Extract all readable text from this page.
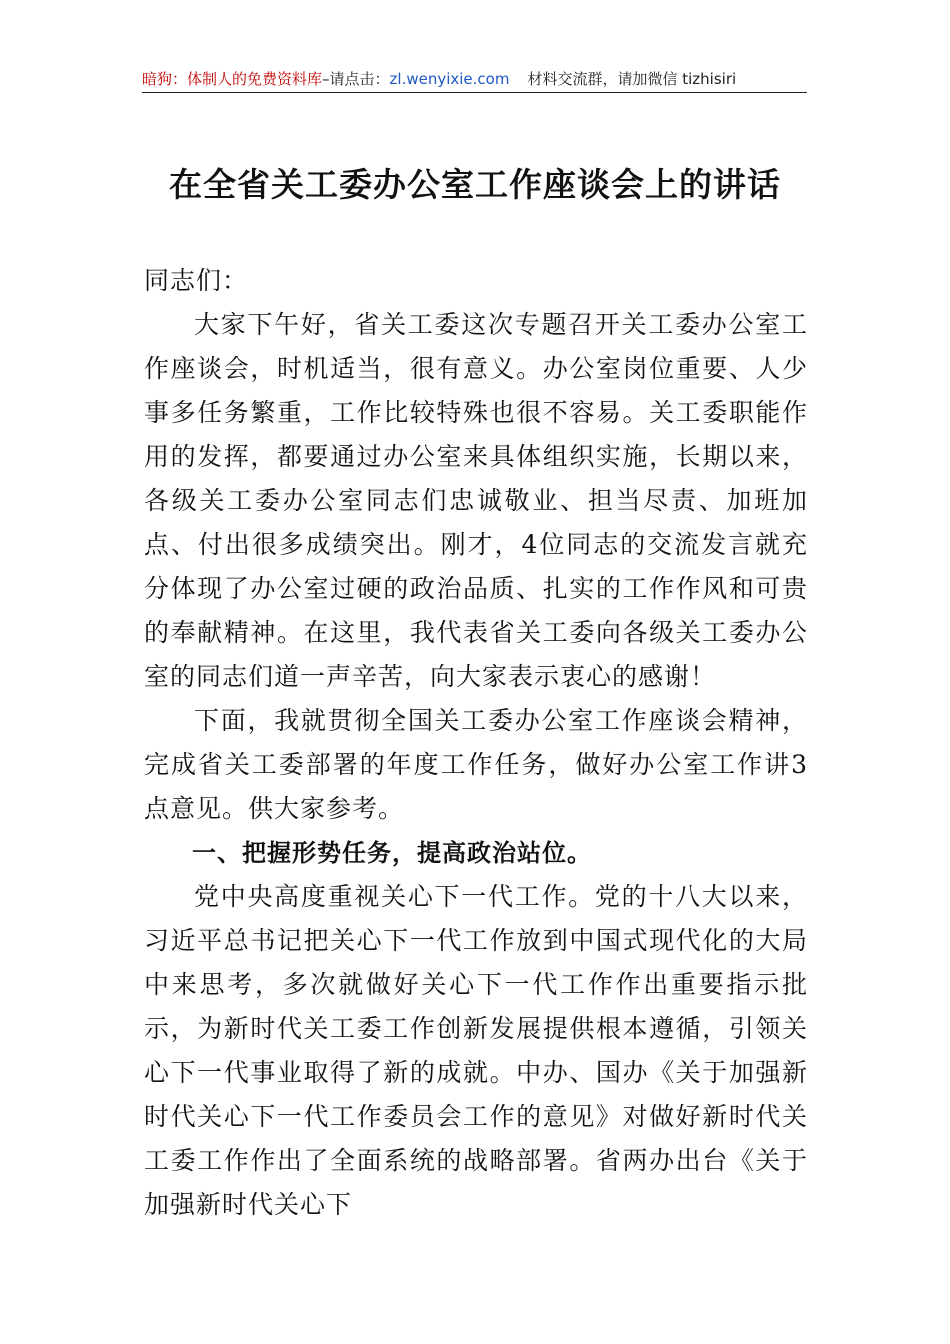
暗狗：体制人的免费资料库–请点击：zl.wenyixie.com 材料交流群，请加微信 tizhisiri
在全省关工委办公室工作座谈会上的讲话

同志们：

大家下午好，省关工委这次专题召开关工委办公室工作座谈会，时机适当，很有意义。办公室岗位重要、人少事多任务繁重，工作比较特殊也很不容易。关工委职能作用的发挥，都要通过办公室来具体组织实施，长期以来，各级关工委办公室同志们忠诚敬业、担当尽责、加班加点、付出很多成绩突出。刚才，4位同志的交流发言就充分体现了办公室过硬的政治品质、扎实的工作作风和可贵的奉献精神。在这里，我代表省关工委向各级关工委办公室的同志们道一声辛苦，向大家表示衷心的感谢！

下面，我就贯彻全国关工委办公室工作座谈会精神，完成省关工委部署的年度工作任务，做好办公室工作讲3点意见。供大家参考。

一、把握形势任务，提高政治站位。

党中央高度重视关心下一代工作。党的十八大以来，习近平总书记把关心下一代工作放到中国式现代化的大局中来思考，多次就做好关心下一代工作作出重要指示批示，为新时代关工委工作创新发展提供根本遵循，引领关心下一代事业取得了新的成就。中办、国办《关于加强新时代关心下一代工作委员会工作的意见》对做好新时代关工委工作作出了全面系统的战略部署。省两办出台《关于加强新时代关心下
